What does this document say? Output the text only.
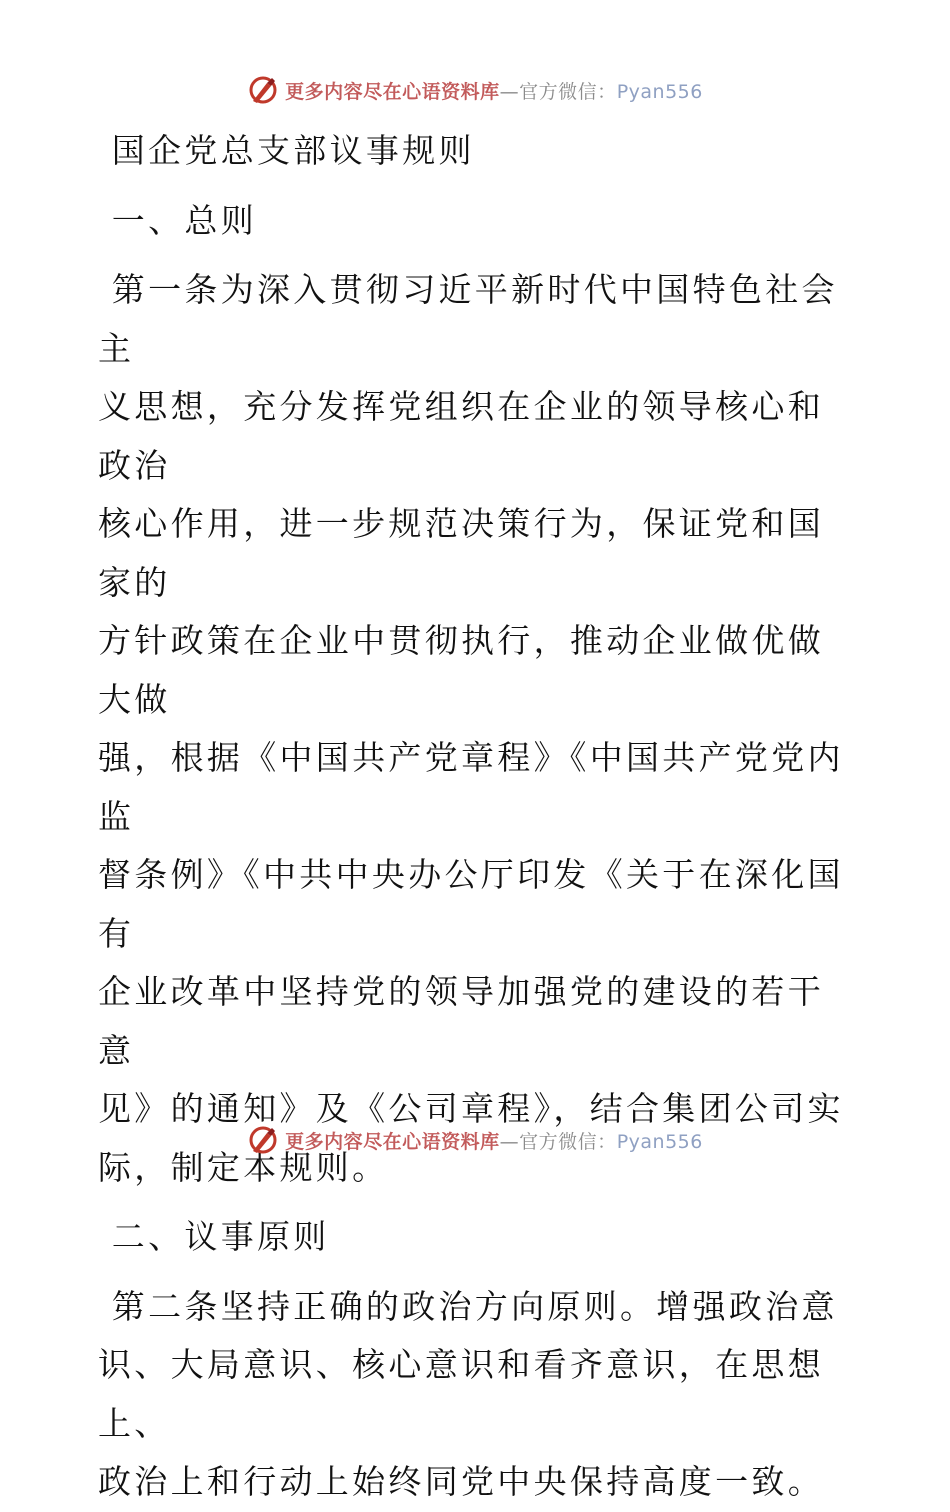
更多内容尽在心语资料库—官方微信：Pyan556

国企党总支部议事规则

一、总则

第一条为深入贯彻习近平新时代中国特色社会主

义思想，充分发挥党组织在企业的领导核心和政治

核心作用，进一步规范决策行为，保证党和国家的

方针政策在企业中贯彻执行，推动企业做优做大做

强，根据《中国共产党章程》《中国共产党党内监

督条例》《中共中央办公厅印发《关于在深化国有

企业改革中坚持党的领导加强党的建设的若干意

见》的通知》及《公司章程》，结合集团公司实

际，制定本规则。

二、议事原则

第二条坚持正确的政治方向原则。增强政治意

识、大局意识、核心意识和看齐意识，在思想上、

政治上和行动上始终同党中央保持高度一致。

更多内容尽在心语资料库—官方微信：Pyan556
